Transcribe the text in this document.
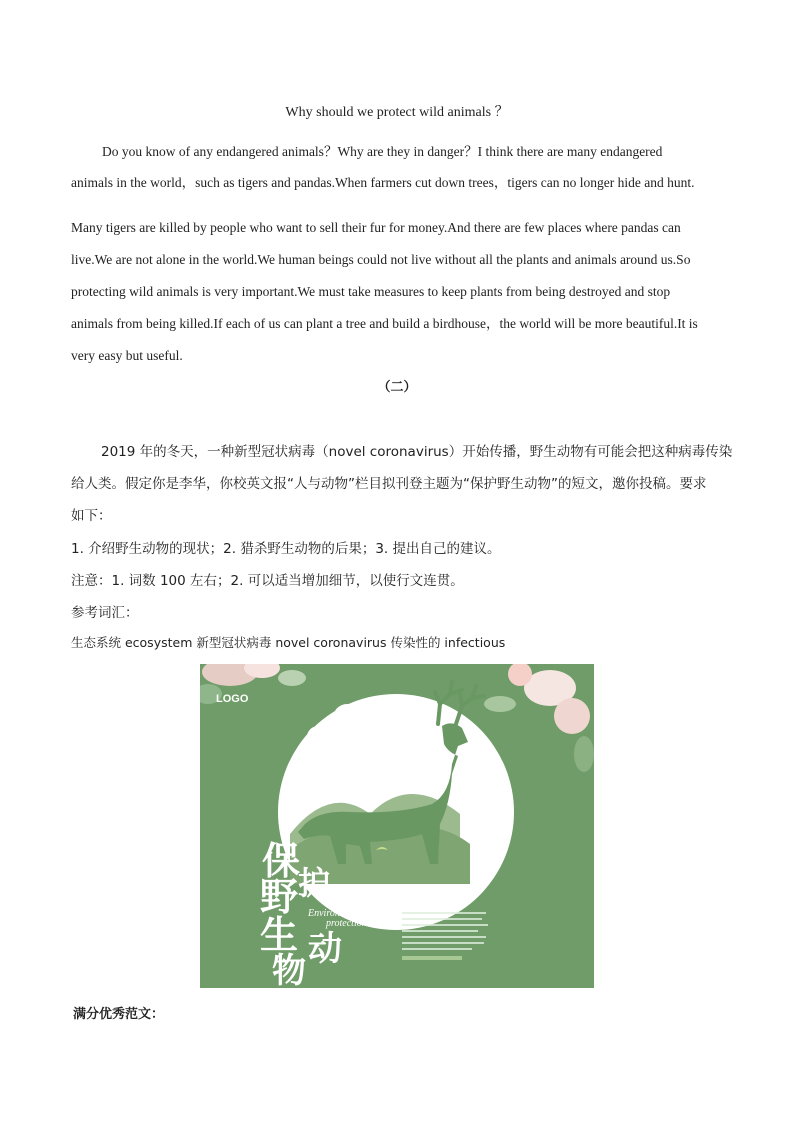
Why should we protect wild animals ？
Do you know of any endangered animals？Why are they in danger？I think there are many endangered
animals in the world，such as tigers and pandas.When farmers cut down trees，tigers can no longer hide and hunt.
Many tigers are killed by people who want to sell their fur for money.And there are few places where pandas can
live.We are not alone in the world.We human beings could not live without all the plants and animals around us.So
protecting wild animals is very important.We must take measures to keep plants from being destroyed and stop
animals from being killed.If each of us can plant a tree and build a birdhouse，the world will be more beautiful.It is
very easy but useful.
（二）
2019 年的冬天，一种新型冠状病毒（novel coronavirus）开始传播，野生动物有可能会把这种病毒传染
给人类。假定你是李华，你校英文报“人与动物”栏目拟刊登主题为“保护野生动物”的短文，邀你投稿。要求
如下：
1. 介绍野生动物的现状；2. 猎杀野生动物的后果；3. 提出自己的建议。
注意：1. 词数 100 左右；2. 可以适当增加细节，以使行文连贯。
参考词汇：
生态系统 ecosystem 新型冠状病毒 novel coronavirus 传染性的 infectious
LOGO
保
护
野
生 动
物
Environmental
protection
SAVE THE
EARTH
满分优秀范文：
